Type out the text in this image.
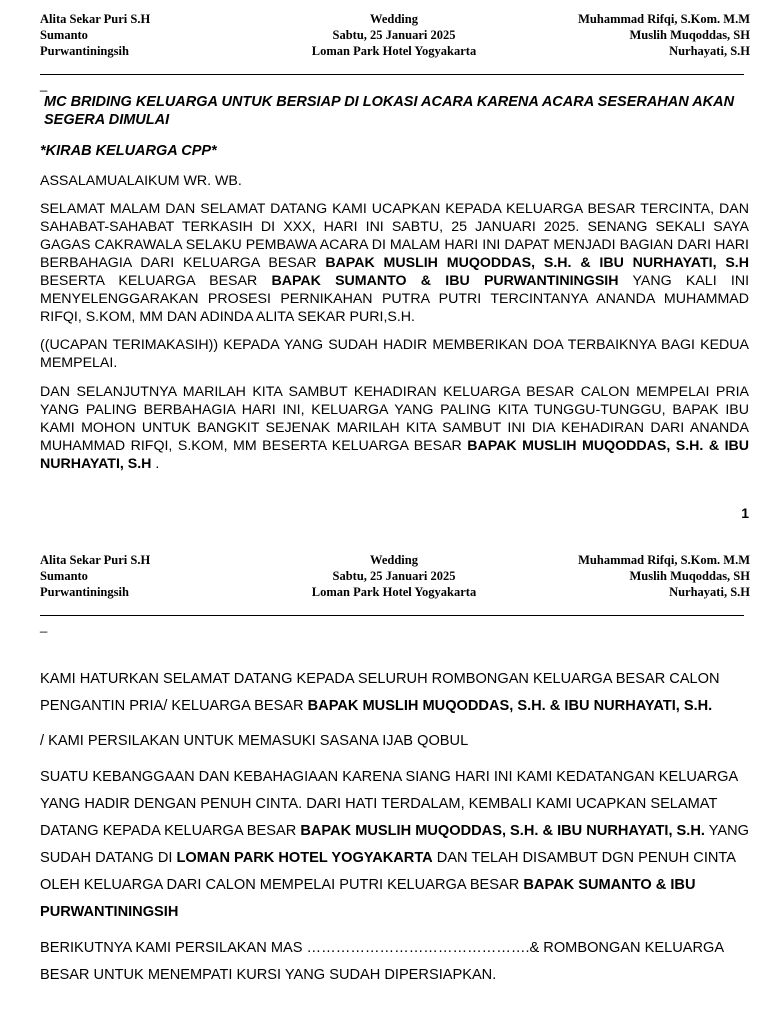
Alita Sekar Puri S.H
Sumanto
Purwantiningsih
Wedding
Sabtu, 25 Januari 2025
Loman Park Hotel Yogyakarta
Muhammad Rifqi, S.Kom. M.M
Muslih Muqoddas, SH
Nurhayati, S.H
_

MC BRIDING KELUARGA UNTUK BERSIAP DI LOKASI ACARA KARENA ACARA SESERAHAN AKAN SEGERA DIMULAI

*KIRAB KELUARGA CPP*

ASSALAMUALAIKUM WR. WB.

SELAMAT MALAM DAN SELAMAT DATANG KAMI UCAPKAN KEPADA KELUARGA BESAR TERCINTA, DAN SAHABAT-SAHABAT TERKASIH DI XXX, HARI INI SABTU, 25 JANUARI 2025. SENANG SEKALI SAYA GAGAS CAKRAWALA SELAKU PEMBAWA ACARA DI MALAM HARI INI DAPAT MENJADI BAGIAN DARI HARI BERBAHAGIA DARI KELUARGA BESAR BAPAK MUSLIH MUQODDAS, S.H. & IBU NURHAYATI, S.H BESERTA KELUARGA BESAR BAPAK SUMANTO & IBU PURWANTININGSIH YANG KALI INI MENYELENGGARAKAN PROSESI PERNIKAHAN PUTRA PUTRI TERCINTANYA ANANDA MUHAMMAD RIFQI, S.KOM, MM DAN ADINDA ALITA SEKAR PURI,S.H.

((UCAPAN TERIMAKASIH)) KEPADA YANG SUDAH HADIR MEMBERIKAN DOA TERBAIKNYA BAGI KEDUA MEMPELAI.

DAN SELANJUTNYA MARILAH KITA SAMBUT KEHADIRAN KELUARGA BESAR CALON MEMPELAI PRIA YANG PALING BERBAHAGIA HARI INI, KELUARGA YANG PALING KITA TUNGGU-TUNGGU, BAPAK IBU KAMI MOHON UNTUK BANGKIT SEJENAK MARILAH KITA SAMBUT INI DIA KEHADIRAN DARI ANANDA MUHAMMAD RIFQI, S.KOM, MM BESERTA KELUARGA BESAR BAPAK MUSLIH MUQODDAS, S.H. & IBU NURHAYATI, S.H .

1
Alita Sekar Puri S.H
Sumanto
Purwantiningsih
Wedding
Sabtu, 25 Januari 2025
Loman Park Hotel Yogyakarta
Muhammad Rifqi, S.Kom. M.M
Muslih Muqoddas, SH
Nurhayati, S.H
_

KAMI HATURKAN SELAMAT DATANG KEPADA SELURUH ROMBONGAN KELUARGA BESAR CALON PENGANTIN PRIA/ KELUARGA BESAR BAPAK MUSLIH MUQODDAS, S.H. & IBU NURHAYATI, S.H.

/ KAMI PERSILAKAN UNTUK MEMASUKI SASANA IJAB QOBUL

SUATU KEBANGGAAN DAN KEBAHAGIAAN KARENA SIANG HARI INI KAMI KEDATANGAN KELUARGA YANG HADIR DENGAN PENUH CINTA. DARI HATI TERDALAM, KEMBALI KAMI UCAPKAN SELAMAT DATANG KEPADA KELUARGA BESAR BAPAK MUSLIH MUQODDAS, S.H. & IBU NURHAYATI, S.H. YANG SUDAH DATANG DI LOMAN PARK HOTEL YOGYAKARTA DAN TELAH DISAMBUT DGN PENUH CINTA OLEH KELUARGA DARI CALON MEMPELAI PUTRI KELUARGA BESAR BAPAK SUMANTO & IBU PURWANTININGSIH

BERIKUTNYA KAMI PERSILAKAN MAS ……………………………………….& ROMBONGAN KELUARGA BESAR UNTUK MENEMPATI KURSI YANG SUDAH DIPERSIAPKAN.
